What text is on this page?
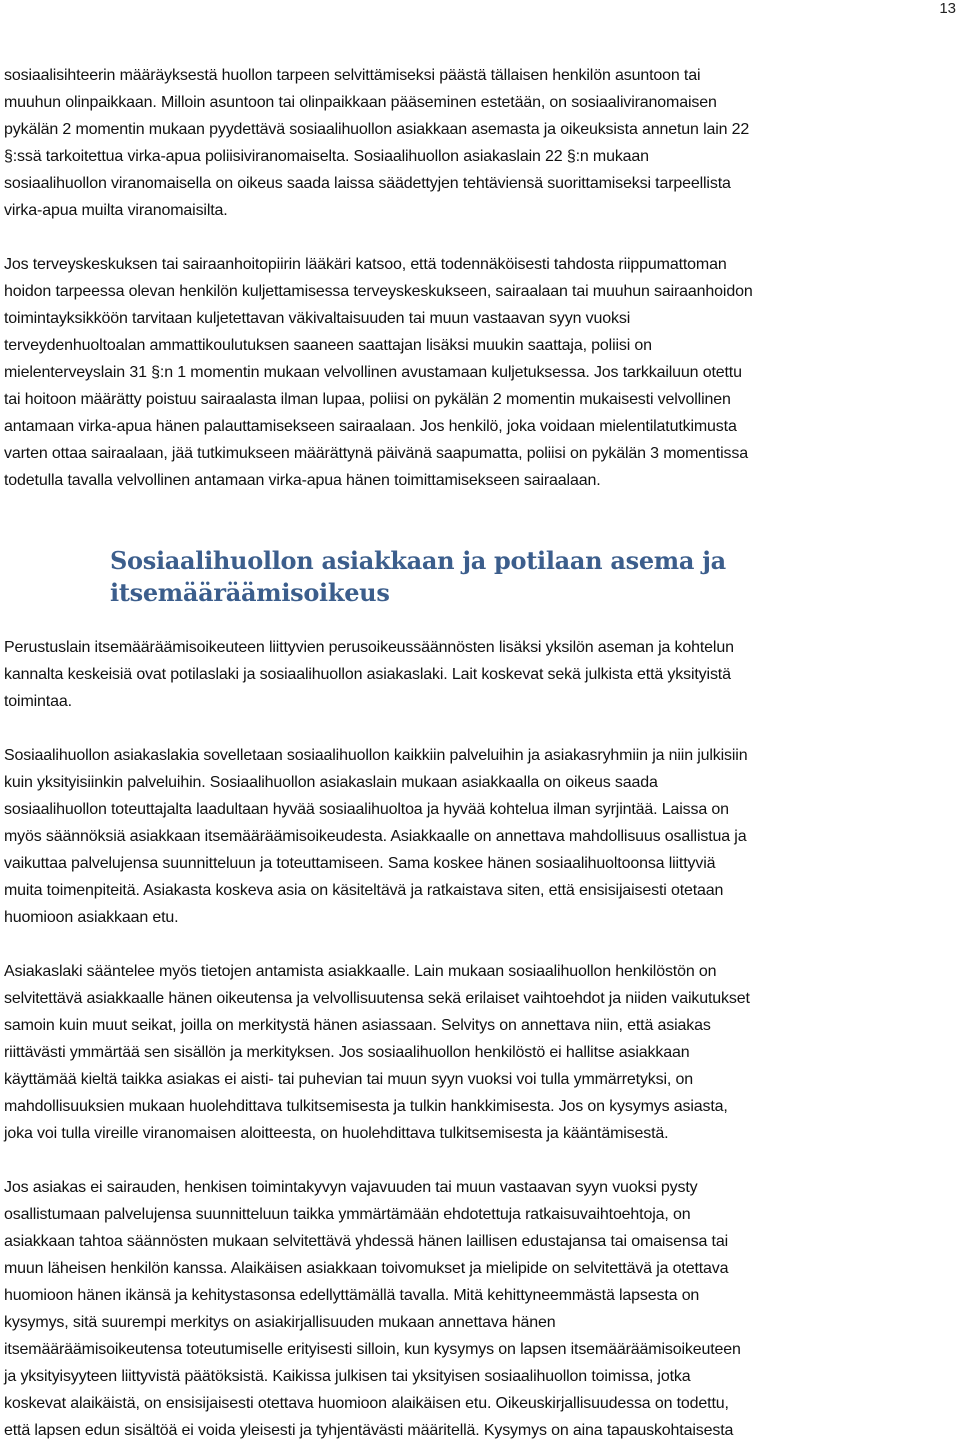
13

sosiaalisihteerin määräyksestä huollon tarpeen selvittämiseksi päästä tällaisen henkilön asuntoon tai
muuhun olinpaikkaan. Milloin asuntoon tai olinpaikkaan pääseminen estetään, on sosiaaliviranomaisen
pykälän 2 momentin mukaan pyydettävä sosiaalihuollon asiakkaan asemasta ja oikeuksista annetun lain 22
§:ssä tarkoitettua virka-apua poliisiviranomaiselta. Sosiaalihuollon asiakaslain 22 §:n mukaan
sosiaalihuollon viranomaisella on oikeus saada laissa säädettyjen tehtäviensä suorittamiseksi tarpeellista
virka-apua muilta viranomaisilta.

Jos terveyskeskuksen tai sairaanhoitopiirin lääkäri katsoo, että todennäköisesti tahdosta riippumattoman
hoidon tarpeessa olevan henkilön kuljettamisessa terveyskeskukseen, sairaalaan tai muuhun sairaanhoidon
toimintayksikköön tarvitaan kuljetettavan väkivaltaisuuden tai muun vastaavan syyn vuoksi
terveydenhuoltoalan ammattikoulutuksen saaneen saattajan lisäksi muukin saattaja, poliisi on
mielenterveyslain 31 §:n 1 momentin mukaan velvollinen avustamaan kuljetuksessa. Jos tarkkailuun otettu
tai hoitoon määrätty poistuu sairaalasta ilman lupaa, poliisi on pykälän 2 momentin mukaisesti velvollinen
antamaan virka-apua hänen palauttamisekseen sairaalaan. Jos henkilö, joka voidaan mielentilatutkimusta
varten ottaa sairaalaan, jää tutkimukseen määrättynä päivänä saapumatta, poliisi on pykälän 3 momentissa
todetulla tavalla velvollinen antamaan virka-apua hänen toimittamisekseen sairaalaan.

Sosiaalihuollon asiakkaan ja potilaan asema ja
itsemääräämisoikeus

Perustuslain itsemääräämisoikeuteen liittyvien perusoikeussäännösten lisäksi yksilön aseman ja kohtelun
kannalta keskeisiä ovat potilaslaki ja sosiaalihuollon asiakaslaki. Lait koskevat sekä julkista että yksityistä
toimintaa.

Sosiaalihuollon asiakaslakia sovelletaan sosiaalihuollon kaikkiin palveluihin ja asiakasryhmiin ja niin julkisiin
kuin yksityisiinkin palveluihin. Sosiaalihuollon asiakaslain mukaan asiakkaalla on oikeus saada
sosiaalihuollon toteuttajalta laadultaan hyvää sosiaalihuoltoa ja hyvää kohtelua ilman syrjintää. Laissa on
myös säännöksiä asiakkaan itsemääräämisoikeudesta. Asiakkaalle on annettava mahdollisuus osallistua ja
vaikuttaa palvelujensa suunnitteluun ja toteuttamiseen. Sama koskee hänen sosiaalihuoltoonsa liittyviä
muita toimenpiteitä. Asiakasta koskeva asia on käsiteltävä ja ratkaistava siten, että ensisijaisesti otetaan
huomioon asiakkaan etu.

Asiakaslaki sääntelee myös tietojen antamista asiakkaalle. Lain mukaan sosiaalihuollon henkilöstön on
selvitettävä asiakkaalle hänen oikeutensa ja velvollisuutensa sekä erilaiset vaihtoehdot ja niiden vaikutukset
samoin kuin muut seikat, joilla on merkitystä hänen asiassaan. Selvitys on annettava niin, että asiakas
riittävästi ymmärtää sen sisällön ja merkityksen. Jos sosiaalihuollon henkilöstö ei hallitse asiakkaan
käyttämää kieltä taikka asiakas ei aisti- tai puhevian tai muun syyn vuoksi voi tulla ymmärretyksi, on
mahdollisuuksien mukaan huolehdittava tulkitsemisesta ja tulkin hankkimisesta. Jos on kysymys asiasta,
joka voi tulla vireille viranomaisen aloitteesta, on huolehdittava tulkitsemisesta ja kääntämisestä.

Jos asiakas ei sairauden, henkisen toimintakyvyn vajavuuden tai muun vastaavan syyn vuoksi pysty
osallistumaan palvelujensa suunnitteluun taikka ymmärtämään ehdotettuja ratkaisuvaihtoehtoja, on
asiakkaan tahtoa säännösten mukaan selvitettävä yhdessä hänen laillisen edustajansa tai omaisensa tai
muun läheisen henkilön kanssa. Alaikäisen asiakkaan toivomukset ja mielipide on selvitettävä ja otettava
huomioon hänen ikänsä ja kehitystasonsa edellyttämällä tavalla. Mitä kehittyneemmästä lapsesta on
kysymys, sitä suurempi merkitys on asiakirjallisuuden mukaan annettava hänen
itsemääräämisoikeutensa toteutumiselle erityisesti silloin, kun kysymys on lapsen itsemääräämisoikeuteen
ja yksityisyyteen liittyvistä päätöksistä. Kaikissa julkisen tai yksityisen sosiaalihuollon toimissa, jotka
koskevat alaikäistä, on ensisijaisesti otettava huomioon alaikäisen etu. Oikeuskirjallisuudessa on todettu,
että lapsen edun sisältöä ei voida yleisesti ja tyhjentävästi määritellä. Kysymys on aina tapauskohtaisesta
